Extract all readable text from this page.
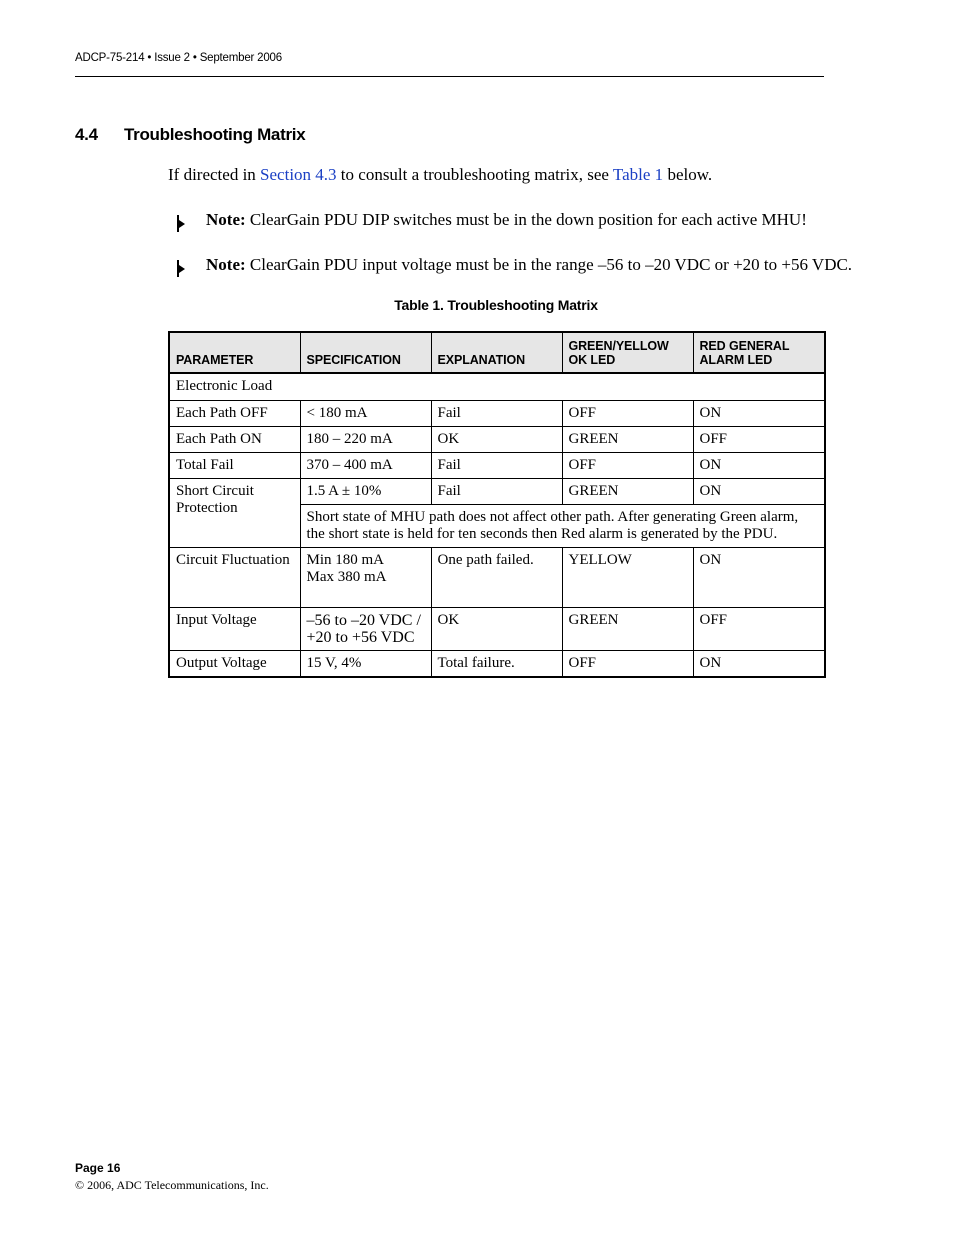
ADCP-75-214 • Issue 2 • September 2006
4.4 Troubleshooting Matrix
If directed in Section 4.3 to consult a troubleshooting matrix, see Table 1 below.
Note: ClearGain PDU DIP switches must be in the down position for each active MHU!
Note: ClearGain PDU input voltage must be in the range –56 to –20 VDC or +20 to +56 VDC.
Table 1. Troubleshooting Matrix
PARAMETER	SPECIFICATION	EXPLANATION	GREEN/YELLOW OK LED	RED GENERAL ALARM LED
Electronic Load				
Each Path OFF	< 180 mA	Fail	OFF	ON
Each Path ON	180 – 220 mA	OK	GREEN	OFF
Total Fail	370 – 400 mA	Fail	OFF	ON
Short Circuit Protection	1.5 A ± 10%	Fail	GREEN	ON
	Short state of MHU path does not affect other path. After generating Green alarm, the short state is held for ten seconds then Red alarm is generated by the PDU.			
Circuit Fluctuation	Min 180 mA
Max 380 mA	One path failed.	YELLOW	ON
Input Voltage	–56 to –20 VDC /
+20 to +56 VDC	OK	GREEN	OFF
Output Voltage	15 V, 4%	Total failure.	OFF	ON
Page 16
© 2006, ADC Telecommunications, Inc.
